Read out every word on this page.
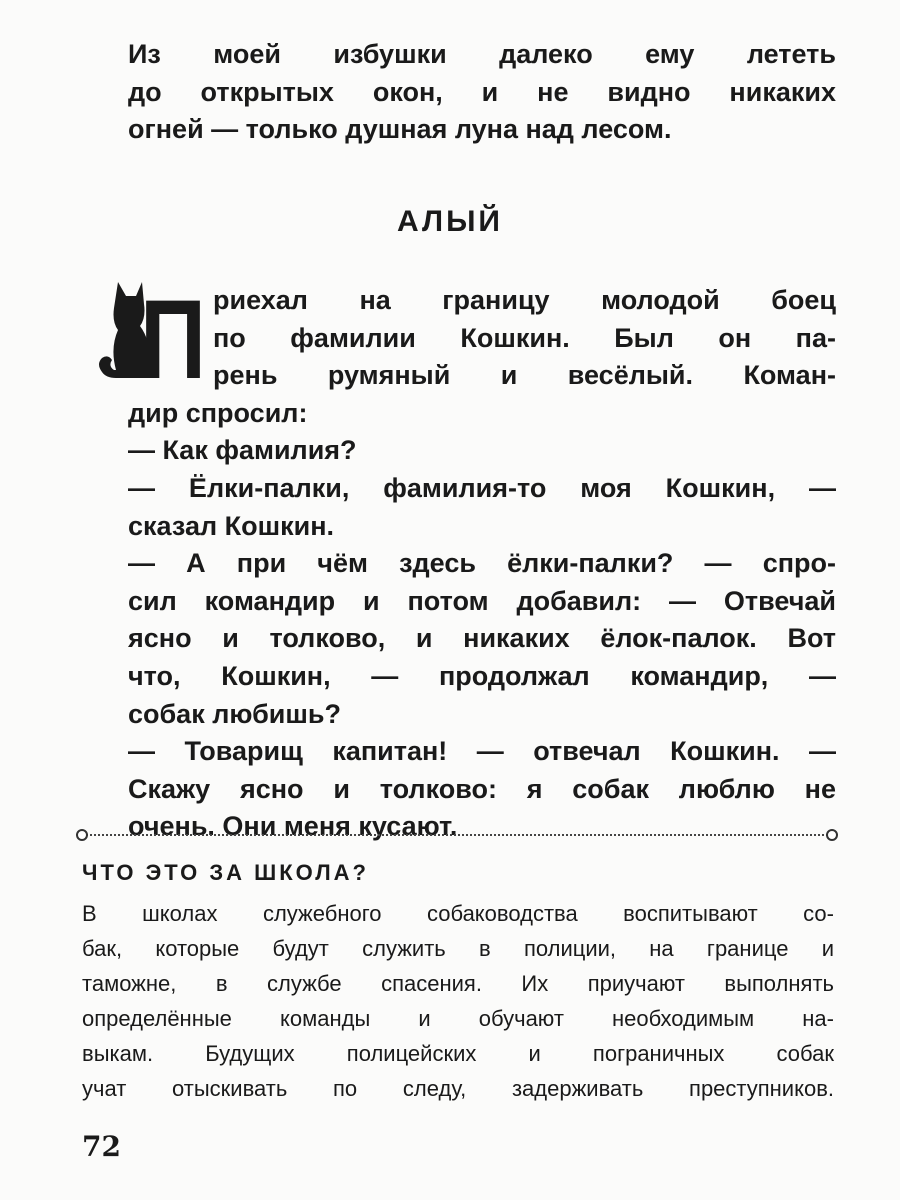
Из моей избушки далеко ему лететь
до открытых окон, и не видно никаких
огней — только душная луна над лесом.
АЛЫЙ
П риехал на границу молодой боец
по фамилии Кошкин. Был он па-
рень румяный и весёлый. Коман-
дир спросил:
— Как фамилия?
— Ёлки-палки, фамилия-то моя Кошкин, —
сказал Кошкин.
— А при чём здесь ёлки-палки? — спро-
сил командир и потом добавил: — Отвечай
ясно и толково, и никаких ёлок-палок. Вот
что, Кошкин, — продолжал командир, —
собак любишь?
— Товарищ капитан! — отвечал Кошкин. —
Скажу ясно и толково: я собак люблю не
очень. Они меня кусают.
ЧТО ЭТО ЗА ШКОЛА?
В школах служебного собаководства воспитывают со-
бак, которые будут служить в полиции, на границе и
таможне, в службе спасения. Их приучают выполнять
определённые команды и обучают необходимым на-
выкам. Будущих полицейских и пограничных собак
учат отыскивать по следу, задерживать преступников.
72
